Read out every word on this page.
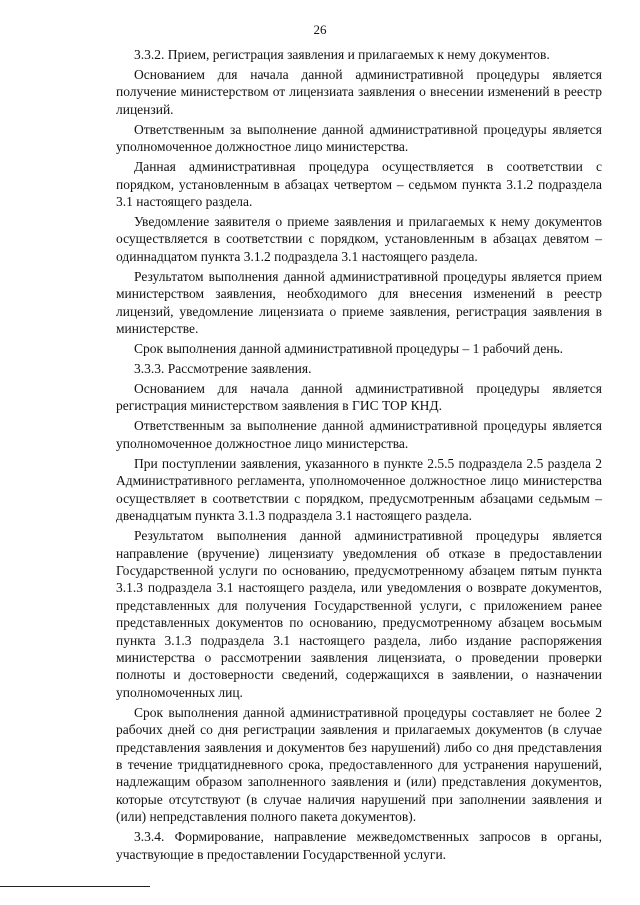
26

3.3.2. Прием, регистрация заявления и прилагаемых к нему документов.

Основанием для начала данной административной процедуры является получение министерством от лицензиата заявления о внесении изменений в реестр лицензий.

Ответственным за выполнение данной административной процедуры является уполномоченное должностное лицо министерства.

Данная административная процедура осуществляется в соответствии с порядком, установленным в абзацах четвертом – седьмом пункта 3.1.2 подраздела 3.1 настоящего раздела.

Уведомление заявителя о приеме заявления и прилагаемых к нему документов осуществляется в соответствии с порядком, установленным в абзацах девятом – одиннадцатом пункта 3.1.2 подраздела 3.1 настоящего раздела.

Результатом выполнения данной административной процедуры является прием министерством заявления, необходимого для внесения изменений в реестр лицензий, уведомление лицензиата о приеме заявления, регистрация заявления в министерстве.

Срок выполнения данной административной процедуры – 1 рабочий день.

3.3.3. Рассмотрение заявления.

Основанием для начала данной административной процедуры является регистрация министерством заявления в ГИС ТОР КНД.

Ответственным за выполнение данной административной процедуры является уполномоченное должностное лицо министерства.

При поступлении заявления, указанного в пункте 2.5.5 подраздела 2.5 раздела 2 Административного регламента, уполномоченное должностное лицо министерства осуществляет в соответствии с порядком, предусмотренным абзацами седьмым – двенадцатым пункта 3.1.3 подраздела 3.1 настоящего раздела.

Результатом выполнения данной административной процедуры является направление (вручение) лицензиату уведомления об отказе в предоставлении Государственной услуги по основанию, предусмотренному абзацем пятым пункта 3.1.3 подраздела 3.1 настоящего раздела, или уведомления о возврате документов, представленных для получения Государственной услуги, с приложением ранее представленных документов по основанию, предусмотренному абзацем восьмым пункта 3.1.3 подраздела 3.1 настоящего раздела, либо издание распоряжения министерства о рассмотрении заявления лицензиата, о проведении проверки полноты и достоверности сведений, содержащихся в заявлении, о назначении уполномоченных лиц.

Срок выполнения данной административной процедуры составляет не более 2 рабочих дней со дня регистрации заявления и прилагаемых документов (в случае представления заявления и документов без нарушений) либо со дня представления в течение тридцатидневного срока, предоставленного для устранения нарушений, надлежащим образом заполненного заявления и (или) представления документов, которые отсутствуют (в случае наличия нарушений при заполнении заявления и (или) непредставления полного пакета документов).

3.3.4. Формирование, направление межведомственных запросов в органы, участвующие в предоставлении Государственной услуги.
